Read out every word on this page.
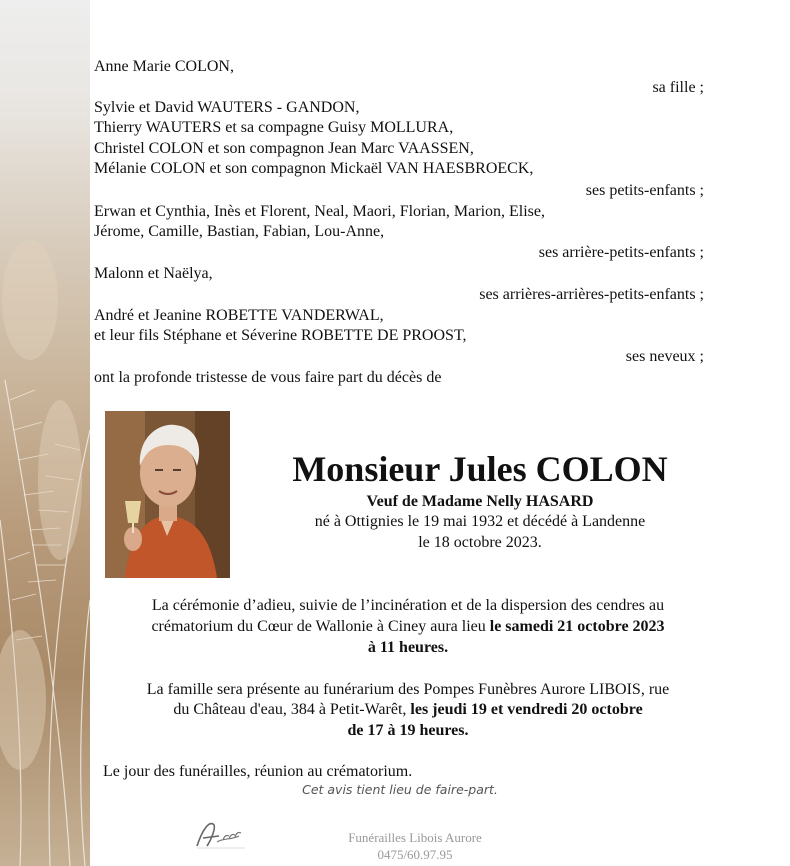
Anne Marie COLON,
sa fille ;
Sylvie et David WAUTERS - GANDON,
Thierry WAUTERS et sa compagne Guisy MOLLURA,
Christel COLON et son compagnon Jean Marc VAASSEN,
Mélanie COLON et son compagnon Mickaël VAN HAESBROECK,
ses petits-enfants ;
Erwan et Cynthia, Inès et Florent, Neal, Maori, Florian, Marion, Elise,
Jérome, Camille, Bastian, Fabian, Lou-Anne,
ses arrière-petits-enfants ;
Malonn et Naëlya,
ses arrières-arrières-petits-enfants ;
André et Jeanine ROBETTE VANDERWAL,
et leur fils Stéphane et Séverine ROBETTE DE PROOST,
ses neveux ;
ont la profonde tristesse de vous faire part du décès de
Monsieur Jules COLON
Veuf de Madame Nelly HASARD
né à Ottignies le 19 mai 1932 et décédé à Landenne
le 18 octobre 2023.
La cérémonie d’adieu, suivie de l’incinération et de la dispersion des cendres au
crématorium du Cœur de Wallonie à Ciney aura lieu le samedi 21 octobre 2023
à 11 heures.
La famille sera présente au funérarium des Pompes Funèbres Aurore LIBOIS, rue
du Château d'eau, 384 à Petit-Warêt, les jeudi 19 et vendredi 20 octobre
de 17 à 19 heures.
Le jour des funérailles, réunion au crématorium.
Cet avis tient lieu de faire-part.
Funérailles Libois Aurore
0475/60.97.95
